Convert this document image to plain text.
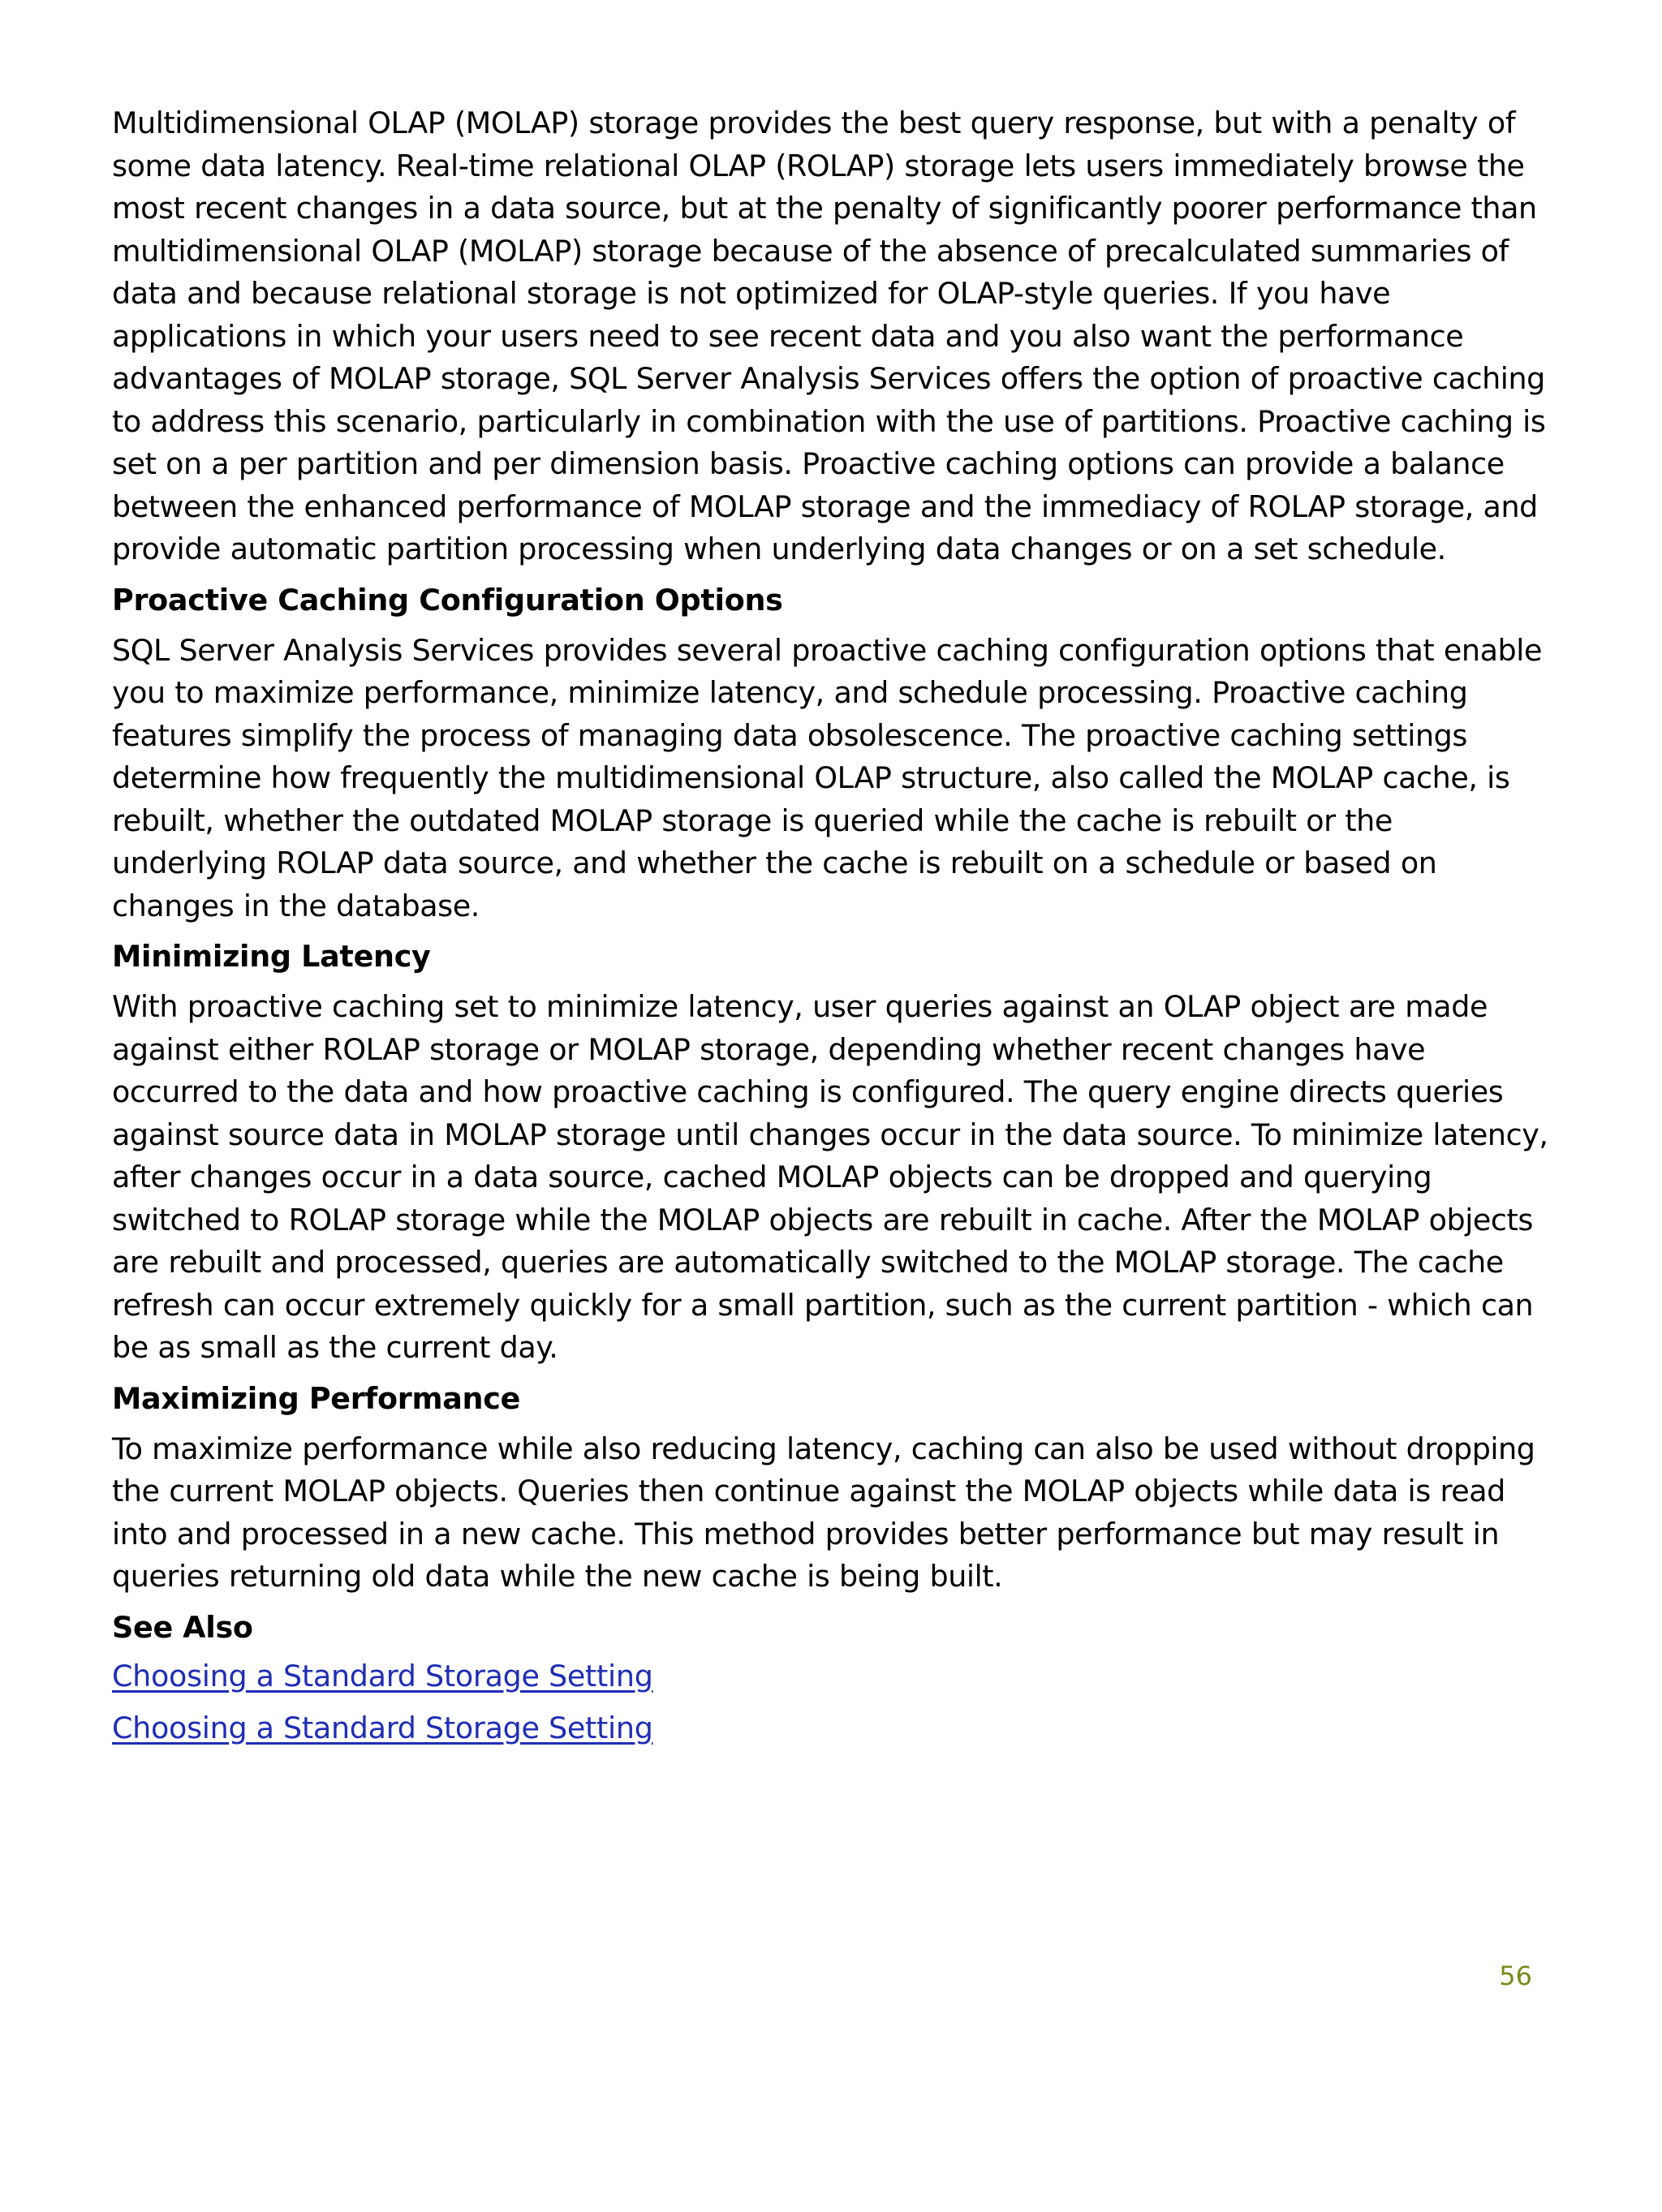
Multidimensional OLAP (MOLAP) storage provides the best query response, but with a penalty of some data latency. Real-time relational OLAP (ROLAP) storage lets users immediately browse the most recent changes in a data source, but at the penalty of significantly poorer performance than multidimensional OLAP (MOLAP) storage because of the absence of precalculated summaries of data and because relational storage is not optimized for OLAP-style queries. If you have applications in which your users need to see recent data and you also want the performance advantages of MOLAP storage, SQL Server Analysis Services offers the option of proactive caching to address this scenario, particularly in combination with the use of partitions. Proactive caching is set on a per partition and per dimension basis. Proactive caching options can provide a balance between the enhanced performance of MOLAP storage and the immediacy of ROLAP storage, and provide automatic partition processing when underlying data changes or on a set schedule.

Proactive Caching Configuration Options

SQL Server Analysis Services provides several proactive caching configuration options that enable you to maximize performance, minimize latency, and schedule processing. Proactive caching features simplify the process of managing data obsolescence. The proactive caching settings determine how frequently the multidimensional OLAP structure, also called the MOLAP cache, is rebuilt, whether the outdated MOLAP storage is queried while the cache is rebuilt or the underlying ROLAP data source, and whether the cache is rebuilt on a schedule or based on changes in the database.

Minimizing Latency

With proactive caching set to minimize latency, user queries against an OLAP object are made against either ROLAP storage or MOLAP storage, depending whether recent changes have occurred to the data and how proactive caching is configured. The query engine directs queries against source data in MOLAP storage until changes occur in the data source. To minimize latency, after changes occur in a data source, cached MOLAP objects can be dropped and querying switched to ROLAP storage while the MOLAP objects are rebuilt in cache. After the MOLAP objects are rebuilt and processed, queries are automatically switched to the MOLAP storage. The cache refresh can occur extremely quickly for a small partition, such as the current partition - which can be as small as the current day.

Maximizing Performance

To maximize performance while also reducing latency, caching can also be used without dropping the current MOLAP objects. Queries then continue against the MOLAP objects while data is read into and processed in a new cache. This method provides better performance but may result in queries returning old data while the new cache is being built.

See Also
Choosing a Standard Storage Setting
Choosing a Standard Storage Setting
56
